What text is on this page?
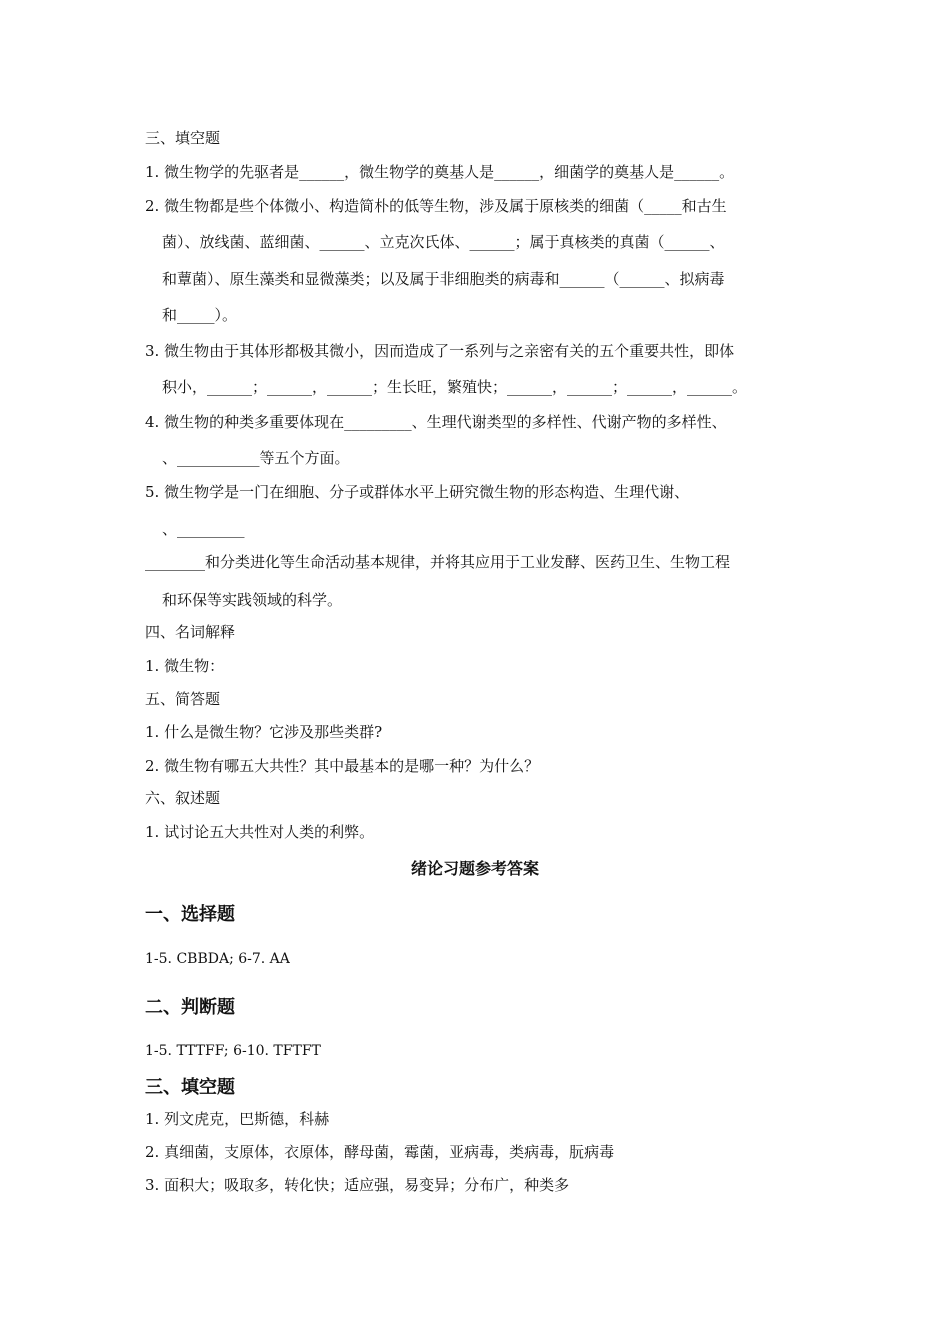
三、填空题
1. 微生物学的先驱者是______，微生物学的奠基人是______，细菌学的奠基人是______。
2. 微生物都是些个体微小、构造简朴的低等生物，涉及属于原核类的细菌（_____和古生
菌）、放线菌、蓝细菌、______、立克次氏体、______；属于真核类的真菌（______、
和蕈菌）、原生藻类和显微藻类；以及属于非细胞类的病毒和______（______、拟病毒
和_____）。
3. 微生物由于其体形都极其微小，因而造成了一系列与之亲密有关的五个重要共性，即体
积小，______；______，______；生长旺，繁殖快；______，______；______，______。
4. 微生物的种类多重要体现在_________、生理代谢类型的多样性、代谢产物的多样性、
、___________等五个方面。
5. 微生物学是一门在细胞、分子或群体水平上研究微生物的形态构造、生理代谢、
、_________
________和分类进化等生命活动基本规律，并将其应用于工业发酵、医药卫生、生物工程
和环保等实践领域的科学。
四、名词解释
1. 微生物：
五、简答题
1. 什么是微生物？它涉及那些类群?
2. 微生物有哪五大共性？其中最基本的是哪一种？为什么？
六、叙述题
1. 试讨论五大共性对人类的利弊。
绪论习题参考答案
一、选择题
1-5. CBBDA; 6-7. AA
二、判断题
1-5. TTTFF; 6-10. TFTFT
三、填空题
1. 列文虎克，巴斯德，科赫
2. 真细菌，支原体，衣原体，酵母菌，霉菌，亚病毒，类病毒，朊病毒
3. 面积大；吸取多，转化快；适应强，易变异；分布广，种类多
